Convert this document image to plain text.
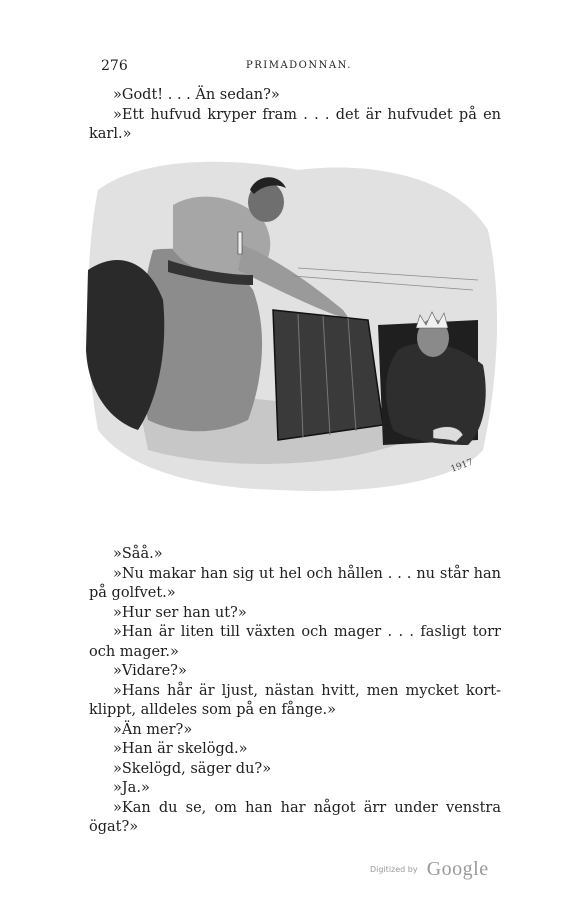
276	PRIMADONNAN.

»Godt! . . . Än sedan?»

»Ett hufvud kryper fram . . . det är hufvudet på en karl.»

1917

»Såå.»

»Nu makar han sig ut hel och hållen . . . nu står han på golfvet.»

»Hur ser han ut?»

»Han är liten till växten och mager . . . fasligt torr och mager.»

»Vidare?»

»Hans hår är ljust, nästan hvitt, men mycket kort-klippt, alldeles som på en fånge.»

»Än mer?»

»Han är skelögd.»

»Skelögd, säger du?»

»Ja.»

»Kan du se, om han har något ärr under venstra ögat?»

Digitized by Google
